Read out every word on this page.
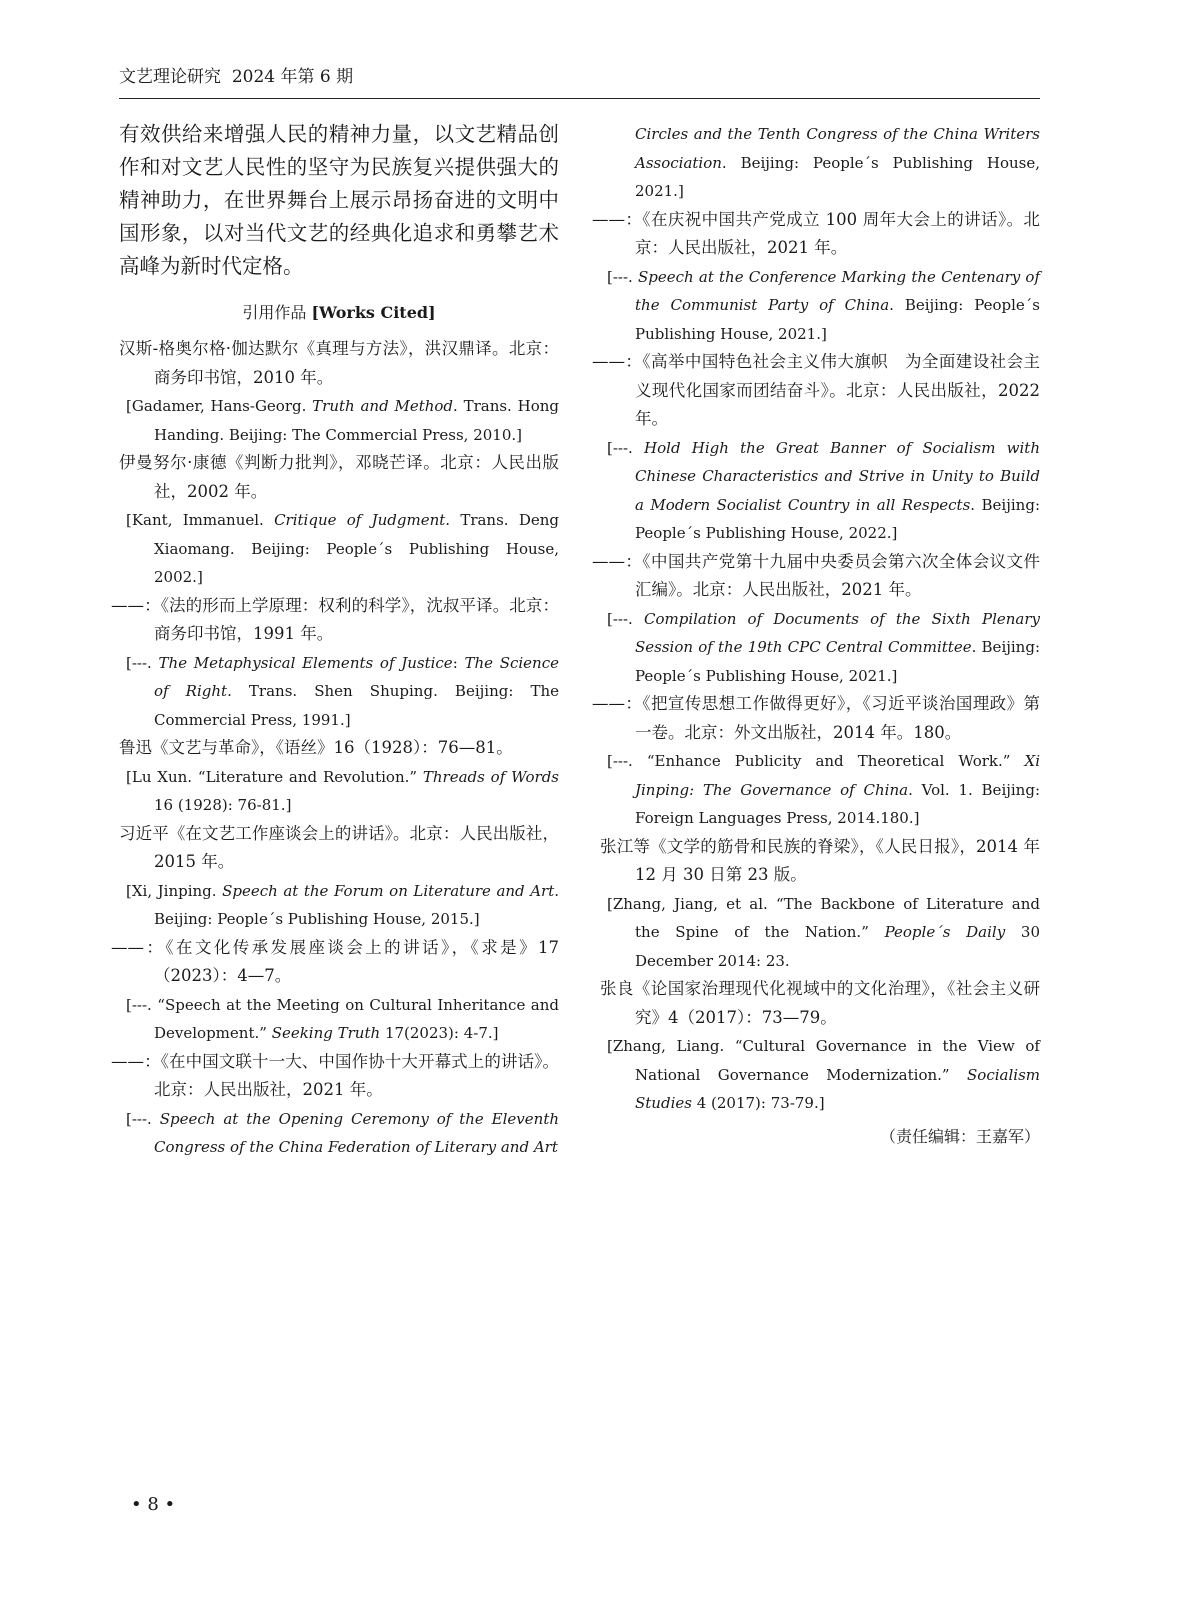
文艺理论研究 2024 年第 6 期

有效供给来增强人民的精神力量，以文艺精品创作和对文艺人民性的坚守为民族复兴提供强大的精神助力，在世界舞台上展示昂扬奋进的文明中国形象，以对当代文艺的经典化追求和勇攀艺术高峰为新时代定格。

引用作品 [Works Cited]

汉斯-格奥尔格·伽达默尔《真理与方法》，洪汉鼎译。北京：商务印书馆，2010 年。

[Gadamer, Hans-Georg. Truth and Method. Trans. Hong Handing. Beijing: The Commercial Press, 2010.]

伊曼努尔·康德《判断力批判》，邓晓芒译。北京：人民出版社，2002 年。

[Kant, Immanuel. Critique of Judgment. Trans. Deng Xiaomang. Beijing: People´s Publishing House, 2002.]

——：《法的形而上学原理：权利的科学》，沈叔平译。北京：商务印书馆，1991 年。

[---. The Metaphysical Elements of Justice: The Science of Right. Trans. Shen Shuping. Beijing: The Commercial Press, 1991.]

鲁迅《文艺与革命》，《语丝》16（1928）：76—81。

[Lu Xun. “Literature and Revolution.” Threads of Words 16 (1928): 76-81.]

习近平《在文艺工作座谈会上的讲话》。北京：人民出版社，2015 年。

[Xi, Jinping. Speech at the Forum on Literature and Art. Beijing: People´s Publishing House, 2015.]

——：《在文化传承发展座谈会上的讲话》，《求是》17（2023）：4—7。

[---. “Speech at the Meeting on Cultural Inheritance and Development.” Seeking Truth 17(2023): 4-7.]

——：《在中国文联十一大、中国作协十大开幕式上的讲话》。北京：人民出版社，2021 年。

[---. Speech at the Opening Ceremony of the Eleventh Congress of the China Federation of Literary and Art

Circles and the Tenth Congress of the China Writers Association. Beijing: People´s Publishing House, 2021.]

——：《在庆祝中国共产党成立 100 周年大会上的讲话》。北京：人民出版社，2021 年。

[---. Speech at the Conference Marking the Centenary of the Communist Party of China. Beijing: People´s Publishing House, 2021.]

——：《高举中国特色社会主义伟大旗帜　为全面建设社会主义现代化国家而团结奋斗》。北京：人民出版社，2022 年。

[---. Hold High the Great Banner of Socialism with Chinese Characteristics and Strive in Unity to Build a Modern Socialist Country in all Respects. Beijing: People´s Publishing House, 2022.]

——：《中国共产党第十九届中央委员会第六次全体会议文件汇编》。北京：人民出版社，2021 年。

[---. Compilation of Documents of the Sixth Plenary Session of the 19th CPC Central Committee. Beijing: People´s Publishing House, 2021.]

——：《把宣传思想工作做得更好》，《习近平谈治国理政》第一卷。北京：外文出版社，2014 年。180。

[---. “Enhance Publicity and Theoretical Work.” Xi Jinping: The Governance of China. Vol. 1. Beijing: Foreign Languages Press, 2014.180.]

张江等《文学的筋骨和民族的脊梁》，《人民日报》，2014 年 12 月 30 日第 23 版。

[Zhang, Jiang, et al. “The Backbone of Literature and the Spine of the Nation.” People´s Daily 30 December 2014: 23.

张良《论国家治理现代化视域中的文化治理》，《社会主义研究》4（2017）：73—79。

[Zhang, Liang. “Cultural Governance in the View of National Governance Modernization.” Socialism Studies 4 (2017): 73-79.]

（责任编辑：王嘉军）
• 8 •
